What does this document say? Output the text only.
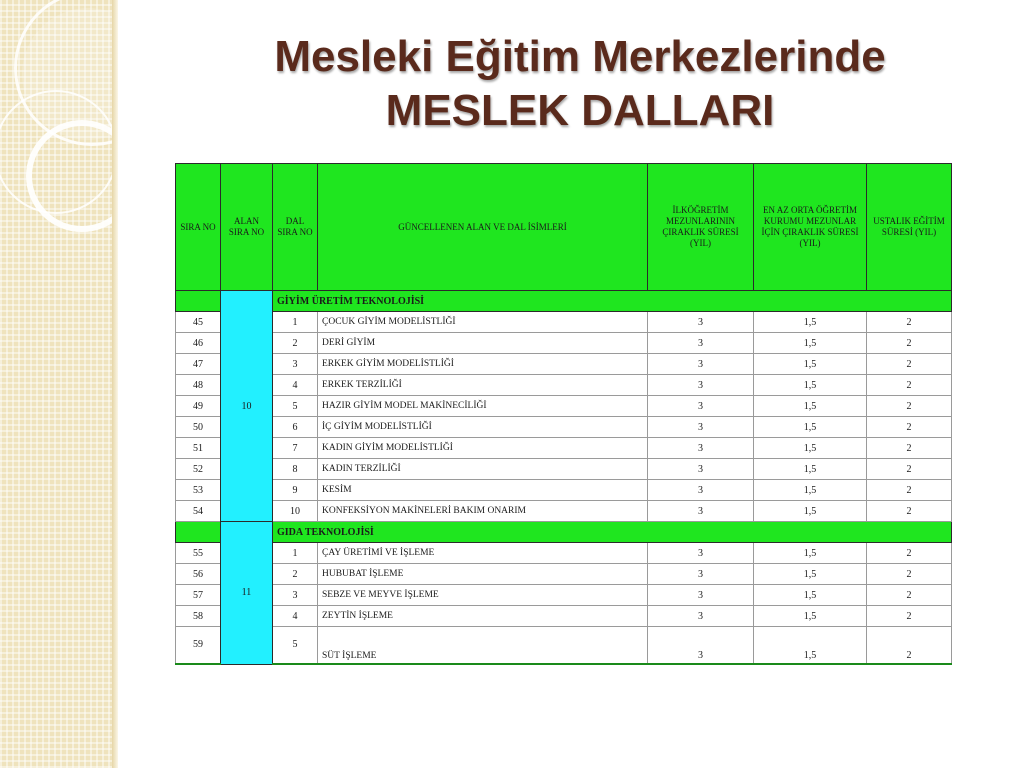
Mesleki Eğitim Merkezlerinde
MESLEK DALLARI
SIRA NO	ALAN SIRA NO	DAL SIRA NO	GÜNCELLENEN ALAN VE DAL İSİMLERİ	İLKÖĞRETİM MEZUNLARININ ÇIRAKLIK SÜRESİ (YIL)	EN AZ ORTA ÖĞRETİM KURUMU MEZUNLAR İÇİN ÇIRAKLIK SÜRESİ (YIL)	USTALIK EĞİTİM SÜRESİ (YIL)
	10	GİYİM ÜRETİM TEKNOLOJİSİ				
45		1	ÇOCUK GİYİM MODELİSTLİĞİ	3	1,5	2
46		2	DERİ GİYİM	3	1,5	2
47		3	ERKEK GİYİM MODELİSTLİĞİ	3	1,5	2
48		4	ERKEK TERZİLİĞİ	3	1,5	2
49		5	HAZIR GİYİM MODEL MAKİNECİLİĞİ	3	1,5	2
50		6	İÇ GİYİM MODELİSTLİĞİ	3	1,5	2
51		7	KADIN GİYİM MODELİSTLİĞİ	3	1,5	2
52		8	KADIN TERZİLİĞİ	3	1,5	2
53		9	KESİM	3	1,5	2
54		10	KONFEKSİYON MAKİNELERİ BAKIM ONARIM	3	1,5	2
	11	GIDA TEKNOLOJİSİ				
55		1	ÇAY ÜRETİMİ VE İŞLEME	3	1,5	2
56		2	HUBUBAT İŞLEME	3	1,5	2
57		3	SEBZE VE MEYVE İŞLEME	3	1,5	2
58		4	ZEYTİN İŞLEME	3	1,5	2
59		5	SÜT İŞLEME	3	1,5	2
